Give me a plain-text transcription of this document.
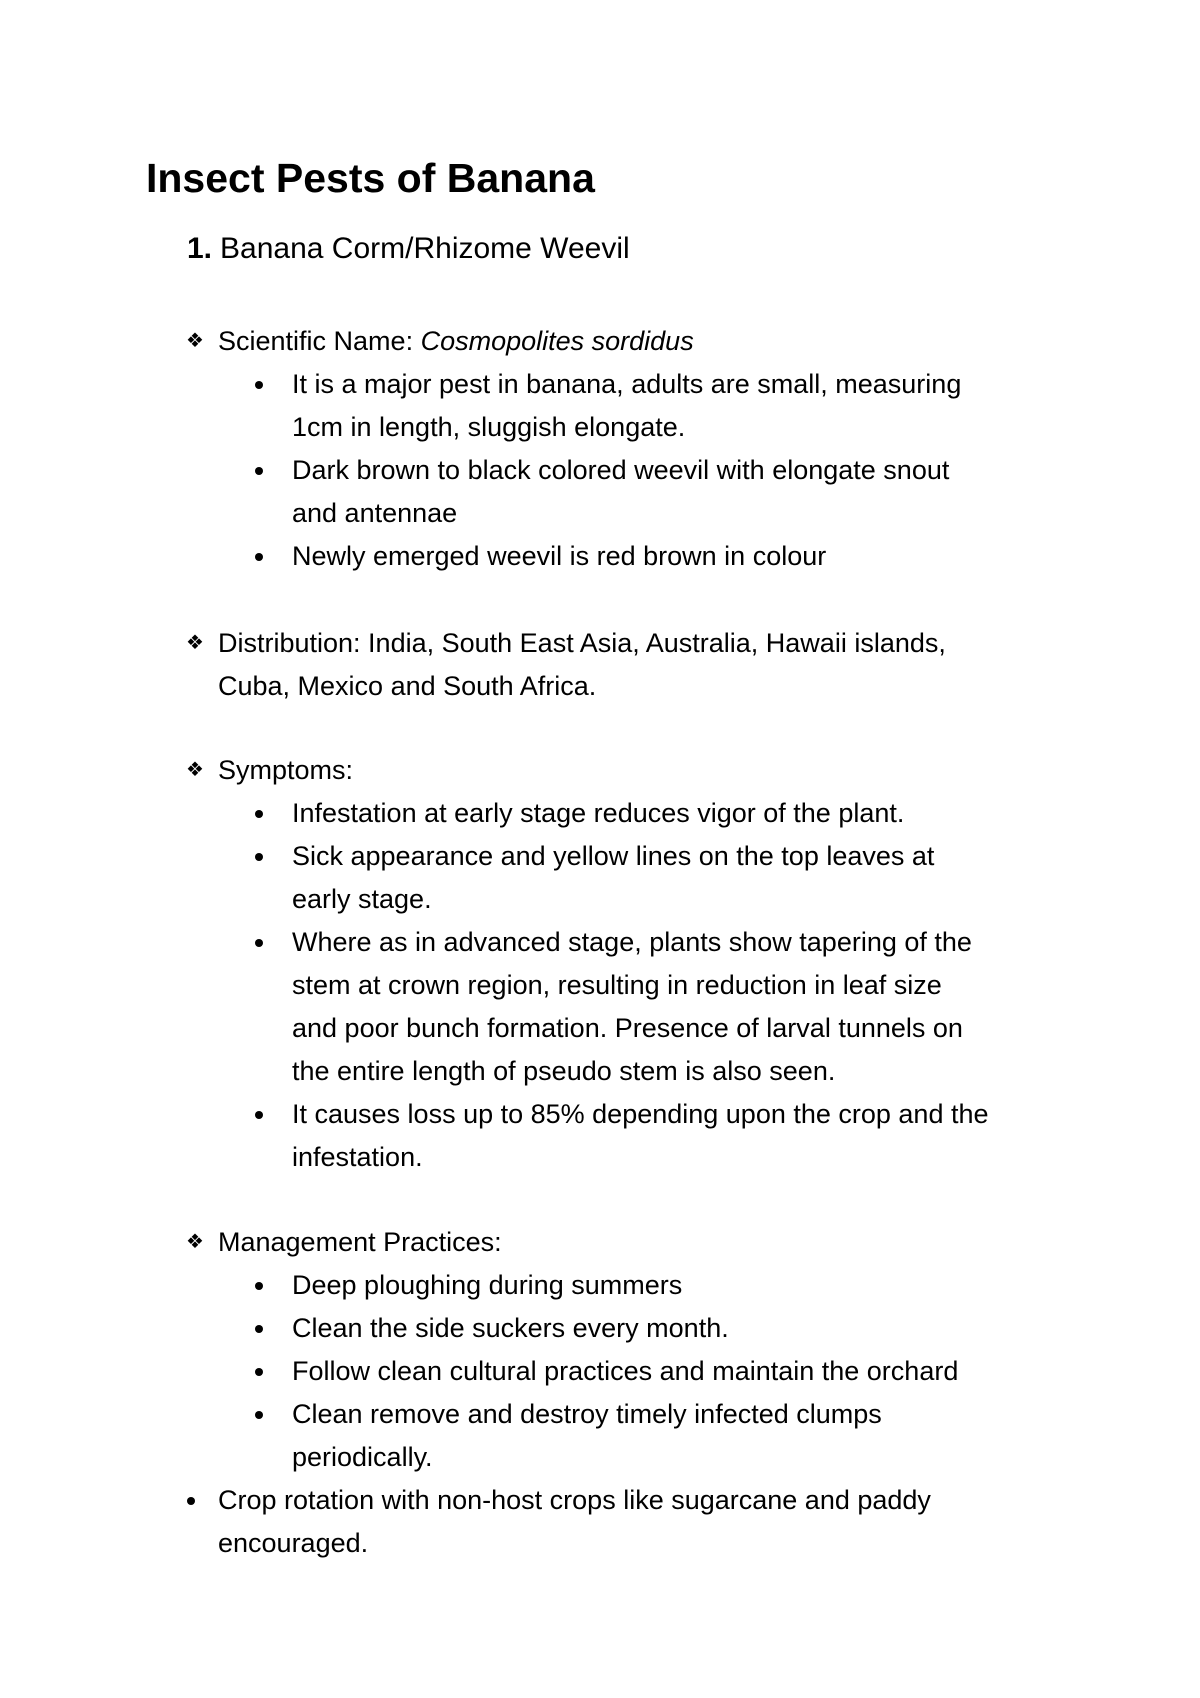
Insect Pests of Banana
1. Banana Corm/Rhizome Weevil
❖ Scientific Name: Cosmopolites sordidus
It is a major pest in banana, adults are small, measuring
1cm in length, sluggish elongate.
Dark brown to black colored weevil with elongate snout
and antennae
Newly emerged weevil is red brown in colour
❖ Distribution: India, South East Asia, Australia, Hawaii islands,
Cuba, Mexico and South Africa.
❖ Symptoms:
Infestation at early stage reduces vigor of the plant.
Sick appearance and yellow lines on the top leaves at
early stage.
Where as in advanced stage, plants show tapering of the
stem at crown region, resulting in reduction in leaf size
and poor bunch formation. Presence of larval tunnels on
the entire length of pseudo stem is also seen.
It causes loss up to 85% depending upon the crop and the
infestation.
❖ Management Practices:
Deep ploughing during summers
Clean the side suckers every month.
Follow clean cultural practices and maintain the orchard
Clean remove and destroy timely infected clumps
periodically.
Crop rotation with non-host crops like sugarcane and paddy
encouraged.
